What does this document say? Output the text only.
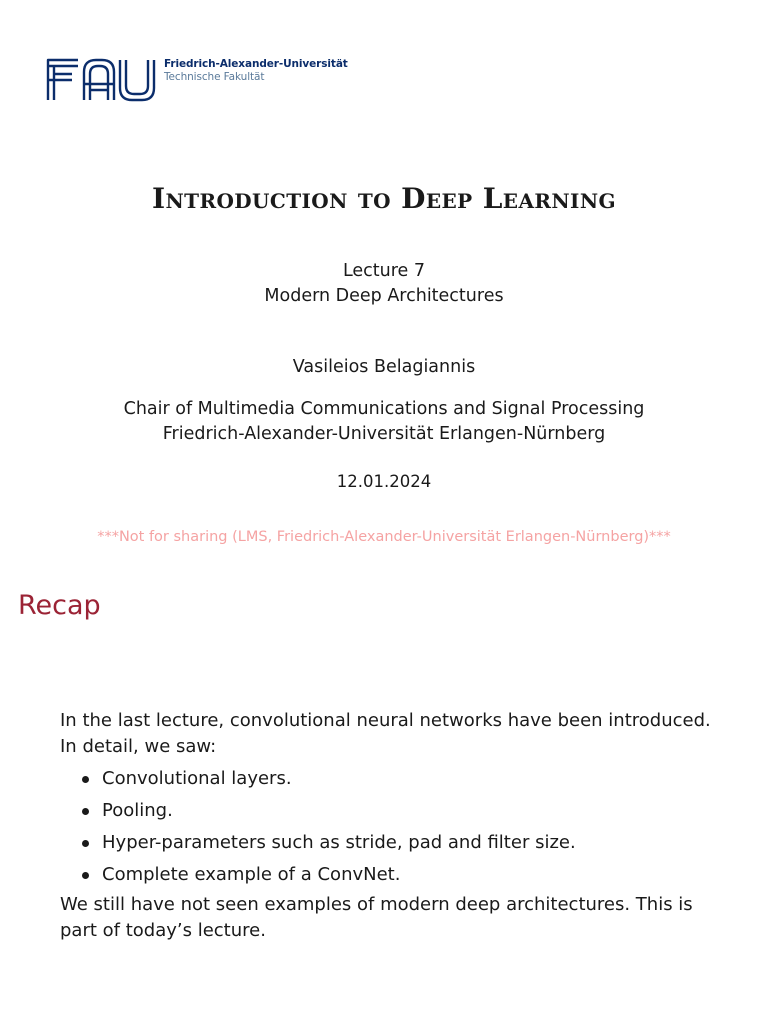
Friedrich-Alexander-Universität
Technische Fakultät
Introduction to Deep Learning
Lecture 7
Modern Deep Architectures
Vasileios Belagiannis
Chair of Multimedia Communications and Signal Processing
Friedrich-Alexander-Universität Erlangen-Nürnberg
12.01.2024
***Not for sharing (LMS, Friedrich-Alexander-Universität Erlangen-Nürnberg)***
Recap

In the last lecture, convolutional neural networks have been introduced.

In detail, we saw:

Convolutional layers.
Pooling.
Hyper-parameters such as stride, pad and filter size.
Complete example of a ConvNet.

We still have not seen examples of modern deep architectures. This is

part of today’s lecture.
